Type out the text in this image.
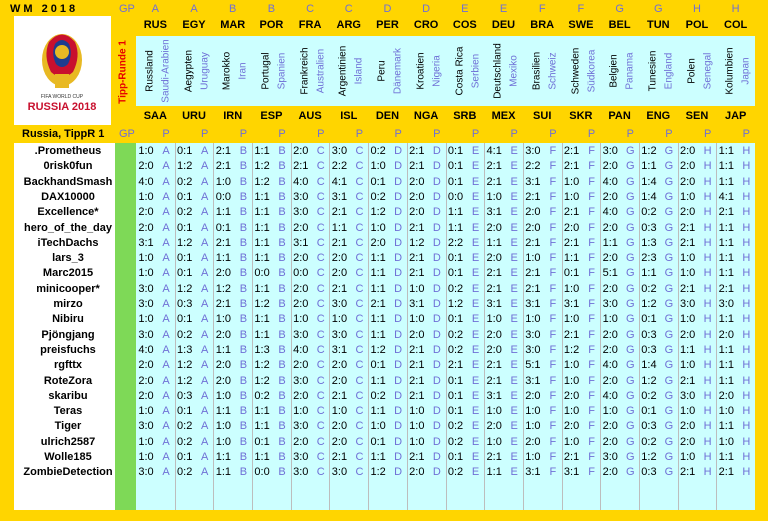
WM 2018	GP
FIFA WORLD CUP
RUSSIA 2018
Tipp-Runde 1
A	A	B	B	C	C	D	D	E	E	F	F	G	G	H	H
RUS
SAA
Russland Saudi-Arabien
P
EGY
URU
Aegypten Uruguay
P
MAR
IRN
Marokko Iran
P
POR
ESP
Portugal Spanien
P
FRA
AUS
Frankreich Australien
P
ARG
ISL
Argentinien Island
P
PER
DEN
Peru Dänemark
P
CRO
NGA
Kroatien Nigeria
P
COS
SRB
Costa Rica Serbien
P
DEU
MEX
Deutschland Mexiko
P
BRA
SUI
Brasilien Schweiz
P
SWE
SKR
Schweden Südkorea
P
BEL
PAN
Belgien Panama
P
TUN
ENG
Tunesien England
P
POL
SEN
Polen Senegal
P
COL
JAP
Kolumbien Japan
P
Russia, TippR 1 GP
.Prometheus	1:0 A 0:1 A 2:1 B 1:1 B 2:0 C 3:0 C 0:2 D 2:1 D 0:1 E 4:1 E 3:0 F 2:1 F 3:0 G 1:2 G 2:0 H 1:1 H
0risk0fun	2:0 A 1:2 A 2:1 B 1:2 B 2:1 C 2:2 C 1:0 D 2:1 D 0:1 E 2:1 E 2:2 F 2:1 F 2:0 G 1:1 G 2:0 H 1:1 H
BackhandSmash	4:0 A 0:2 A 1:0 B 1:2 B 4:0 C 4:1 C 0:1 D 2:0 D 0:1 E 2:1 E 3:1 F 1:0 F 4:0 G 1:4 G 2:0 H 1:1 H
DAX10000	1:0 A 0:1 A 0:0 B 1:1 B 3:0 C 3:1 C 0:2 D 2:0 D 0:0 E 1:0 E 2:1 F 1:0 F 2:0 G 1:4 G 1:0 H 4:1 H
Excellence*	2:0 A 0:2 A 1:1 B 1:1 B 3:0 C 2:1 C 1:2 D 2:0 D 1:1 E 3:1 E 2:0 F 2:1 F 4:0 G 0:2 G 2:0 H 2:1 H
hero_of_the_day	2:0 A 0:1 A 0:1 B 1:1 B 2:0 C 1:1 C 1:0 D 2:1 D 1:1 E 2:0 E 2:0 F 2:0 F 2:0 G 0:3 G 2:1 H 1:1 H
iTechDachs	3:1 A 1:2 A 2:1 B 1:1 B 3:1 C 2:1 C 2:0 D 1:2 D 2:2 E 1:1 E 2:1 F 2:1 F 1:1 G 1:3 G 2:1 H 1:1 H
lars_3	1:0 A 0:1 A 1:1 B 1:1 B 2:0 C 2:0 C 1:1 D 2:1 D 0:1 E 2:0 E 1:0 F 1:1 F 2:0 G 2:3 G 1:0 H 1:1 H
Marc2015	1:0 A 0:1 A 2:0 B 0:0 B 0:0 C 2:0 C 1:1 D 2:1 D 0:1 E 2:1 E 2:1 F 0:1 F 5:1 G 1:1 G 1:0 H 1:1 H
minicooper*	3:0 A 1:2 A 1:2 B 1:1 B 2:0 C 2:1 C 1:1 D 1:0 D 0:2 E 2:1 E 2:1 F 1:0 F 2:0 G 0:2 G 2:1 H 2:1 H
mirzo	3:0 A 0:3 A 2:1 B 1:2 B 2:0 C 3:0 C 2:1 D 3:1 D 1:2 E 3:1 E 3:1 F 3:1 F 3:0 G 1:2 G 3:0 H 3:0 H
Nibiru	1:0 A 0:1 A 1:0 B 1:1 B 1:0 C 1:0 C 1:1 D 1:0 D 0:1 E 1:0 E 1:0 F 1:0 F 1:0 G 0:1 G 1:0 H 1:1 H
Pjöngjang	3:0 A 0:2 A 2:0 B 1:1 B 3:0 C 3:0 C 1:1 D 2:0 D 0:2 E 2:0 E 3:0 F 2:1 F 2:0 G 0:3 G 2:0 H 2:0 H
preisfuchs	4:0 A 1:3 A 1:1 B 1:3 B 4:0 C 3:1 C 1:2 D 2:1 D 0:2 E 2:0 E 3:0 F 1:2 F 2:0 G 0:3 G 1:1 H 1:1 H
rgfttx	2:0 A 1:2 A 2:0 B 1:2 B 2:0 C 2:0 C 0:1 D 2:1 D 2:1 E 2:1 E 5:1 F 1:0 F 4:0 G 1:4 G 1:0 H 1:1 H
RoteZora	2:0 A 1:2 A 2:0 B 1:2 B 3:0 C 2:0 C 1:1 D 2:1 D 0:1 E 2:1 E 3:1 F 1:0 F 2:0 G 1:2 G 2:1 H 1:1 H
skaribu	2:0 A 0:3 A 1:0 B 0:2 B 2:0 C 2:1 C 0:2 D 2:1 D 0:1 E 3:1 E 2:0 F 2:0 F 4:0 G 0:2 G 3:0 H 2:0 H
Teras	1:0 A 0:1 A 1:1 B 1:1 B 1:0 C 1:0 C 1:1 D 1:0 D 0:1 E 1:0 E 1:0 F 1:0 F 1:0 G 0:1 G 1:0 H 1:0 H
Tiger	3:0 A 0:2 A 1:0 B 1:1 B 3:0 C 2:0 C 1:0 D 1:0 D 0:2 E 2:0 E 1:0 F 2:0 F 2:0 G 0:3 G 2:0 H 1:1 H
ulrich2587	1:0 A 0:2 A 1:0 B 0:1 B 2:0 C 2:0 C 0:1 D 1:0 D 0:2 E 1:0 E 2:0 F 1:0 F 2:0 G 0:2 G 2:0 H 1:0 H
Wolle185	1:0 A 0:1 A 1:1 B 1:1 B 3:0 C 2:1 C 1:1 D 2:1 D 0:1 E 2:1 E 1:0 F 2:1 F 3:0 G 1:2 G 1:0 H 1:1 H
ZombieDetection	3:0 A 0:2 A 1:1 B 0:0 B 3:0 C 3:0 C 1:2 D 2:0 D 0:2 E 1:1 E 3:1 F 3:1 F 2:0 G 0:3 G 2:1 H 2:1 H
